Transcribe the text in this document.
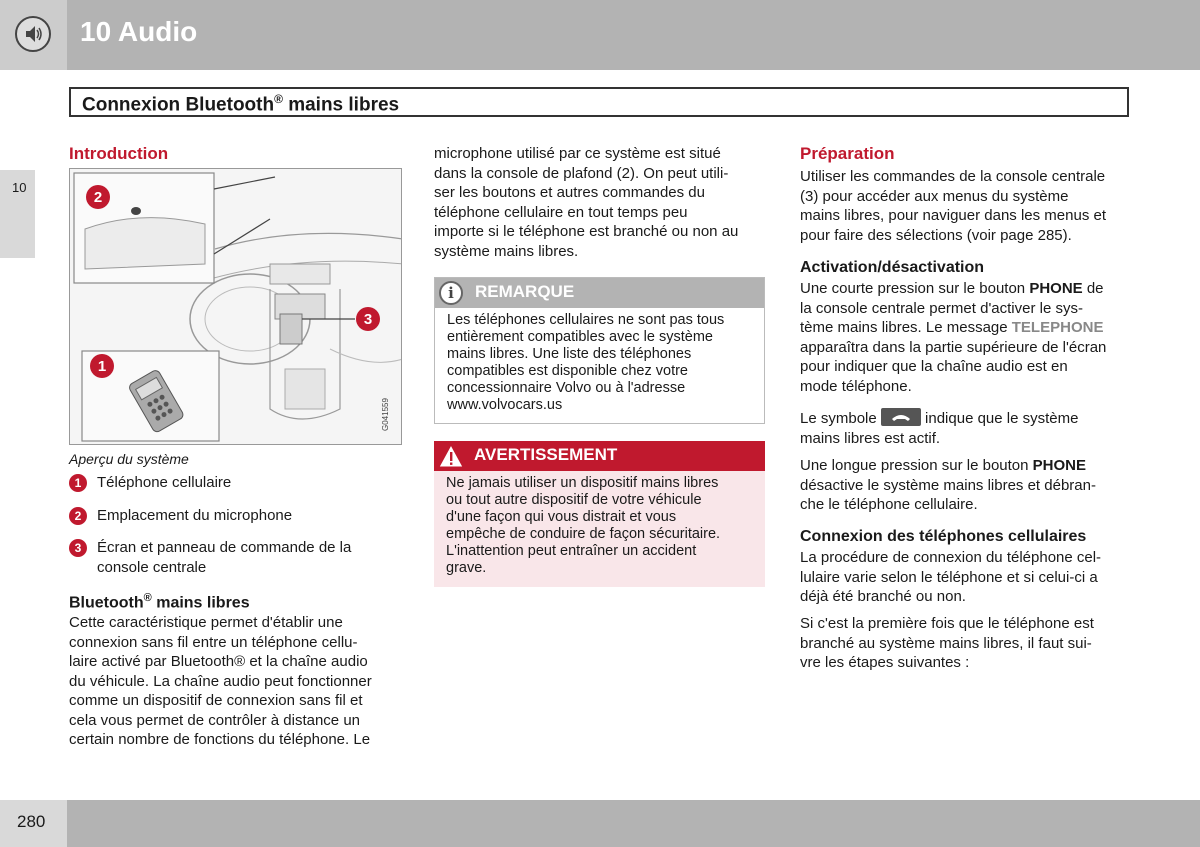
10 Audio
Connexion Bluetooth® mains libres
10
Introduction
2
3
1
G041559
Aperçu du système
1	Téléphone cellulaire
2	Emplacement du microphone
3	Écran et panneau de commande de la console centrale
Bluetooth® mains libres
Cette caractéristique permet d'établir une
connexion sans fil entre un téléphone cellu-
laire activé par Bluetooth® et la chaîne audio
du véhicule. La chaîne audio peut fonctionner
comme un dispositif de connexion sans fil et
cela vous permet de contrôler à distance un
certain nombre de fonctions du téléphone. Le
microphone utilisé par ce système est situé
dans la console de plafond (2). On peut utili-
ser les boutons et autres commandes du
téléphone cellulaire en tout temps peu
importe si le téléphone est branché ou non au
système mains libres.
i	REMARQUE
Les téléphones cellulaires ne sont pas tous
entièrement compatibles avec le système
mains libres. Une liste des téléphones
compatibles est disponible chez votre
concessionnaire Volvo ou à l'adresse
www.volvocars.us
AVERTISSEMENT
Ne jamais utiliser un dispositif mains libres
ou tout autre dispositif de votre véhicule
d'une façon qui vous distrait et vous
empêche de conduire de façon sécuritaire.
L'inattention peut entraîner un accident
grave.
Préparation
Utiliser les commandes de la console centrale
(3) pour accéder aux menus du système
mains libres, pour naviguer dans les menus et
pour faire des sélections (voir page 285).
Activation/désactivation
Une courte pression sur le bouton PHONE de
la console centrale permet d'activer le sys-
tème mains libres. Le message TELEPHONE
apparaîtra dans la partie supérieure de l'écran
pour indiquer que la chaîne audio est en
mode téléphone.
Le symbole	indique que le système
mains libres est actif.
Une longue pression sur le bouton PHONE
désactive le système mains libres et débran-
che le téléphone cellulaire.
Connexion des téléphones cellulaires
La procédure de connexion du téléphone cel-
lulaire varie selon le téléphone et si celui-ci a
déjà été branché ou non.
Si c'est la première fois que le téléphone est
branché au système mains libres, il faut sui-
vre les étapes suivantes :
280
